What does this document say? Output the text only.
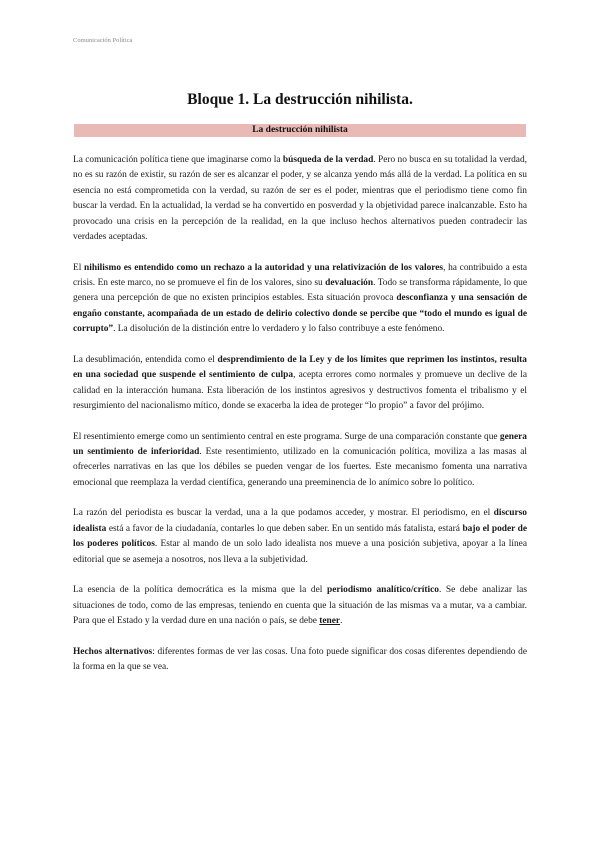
Comunicación Política
Bloque 1. La destrucción nihilista.
La destrucción nihilista

La comunicación política tiene que imaginarse como la búsqueda de la verdad. Pero no busca en su totalidad la verdad, no es su razón de existir, su razón de ser es alcanzar el poder, y se alcanza yendo más allá de la verdad. La política en su esencia no está comprometida con la verdad, su razón de ser es el poder, mientras que el periodismo tiene como fin buscar la verdad. En la actualidad, la verdad se ha convertido en posverdad y la objetividad parece inalcanzable. Esto ha provocado una crisis en la percepción de la realidad, en la que incluso hechos alternativos pueden contradecir las verdades aceptadas.

El nihilismo es entendido como un rechazo a la autoridad y una relativización de los valores, ha contribuido a esta crisis. En este marco, no se promueve el fin de los valores, sino su devaluación. Todo se transforma rápidamente, lo que genera una percepción de que no existen principios estables. Esta situación provoca desconfianza y una sensación de engaño constante, acompañada de un estado de delirio colectivo donde se percibe que “todo el mundo es igual de corrupto”. La disolución de la distinción entre lo verdadero y lo falso contribuye a este fenómeno.

La desublimación, entendida como el desprendimiento de la Ley y de los límites que reprimen los instintos, resulta en una sociedad que suspende el sentimiento de culpa, acepta errores como normales y promueve un declive de la calidad en la interacción humana. Esta liberación de los instintos agresivos y destructivos fomenta el tribalismo y el resurgimiento del nacionalismo mítico, donde se exacerba la idea de proteger “lo propio” a favor del prójimo.

El resentimiento emerge como un sentimiento central en este programa. Surge de una comparación constante que genera un sentimiento de inferioridad. Este resentimiento, utilizado en la comunicación política, moviliza a las masas al ofrecerles narrativas en las que los débiles se pueden vengar de los fuertes. Este mecanismo fomenta una narrativa emocional que reemplaza la verdad científica, generando una preeminencia de lo anímico sobre lo político.

La razón del periodista es buscar la verdad, una a la que podamos acceder, y mostrar. El periodismo, en el discurso idealista está a favor de la ciudadanía, contarles lo que deben saber. En un sentido más fatalista, estará bajo el poder de los poderes políticos. Estar al mando de un solo lado idealista nos mueve a una posición subjetiva, apoyar a la línea editorial que se asemeja a nosotros, nos lleva a la subjetividad.

La esencia de la política democrática es la misma que la del periodismo analítico/crítico. Se debe analizar las situaciones de todo, como de las empresas, teniendo en cuenta que la situación de las mismas va a mutar, va a cambiar. Para que el Estado y la verdad dure en una nación o país, se debe tener.

Hechos alternativos: diferentes formas de ver las cosas. Una foto puede significar dos cosas diferentes dependiendo de la forma en la que se vea.
